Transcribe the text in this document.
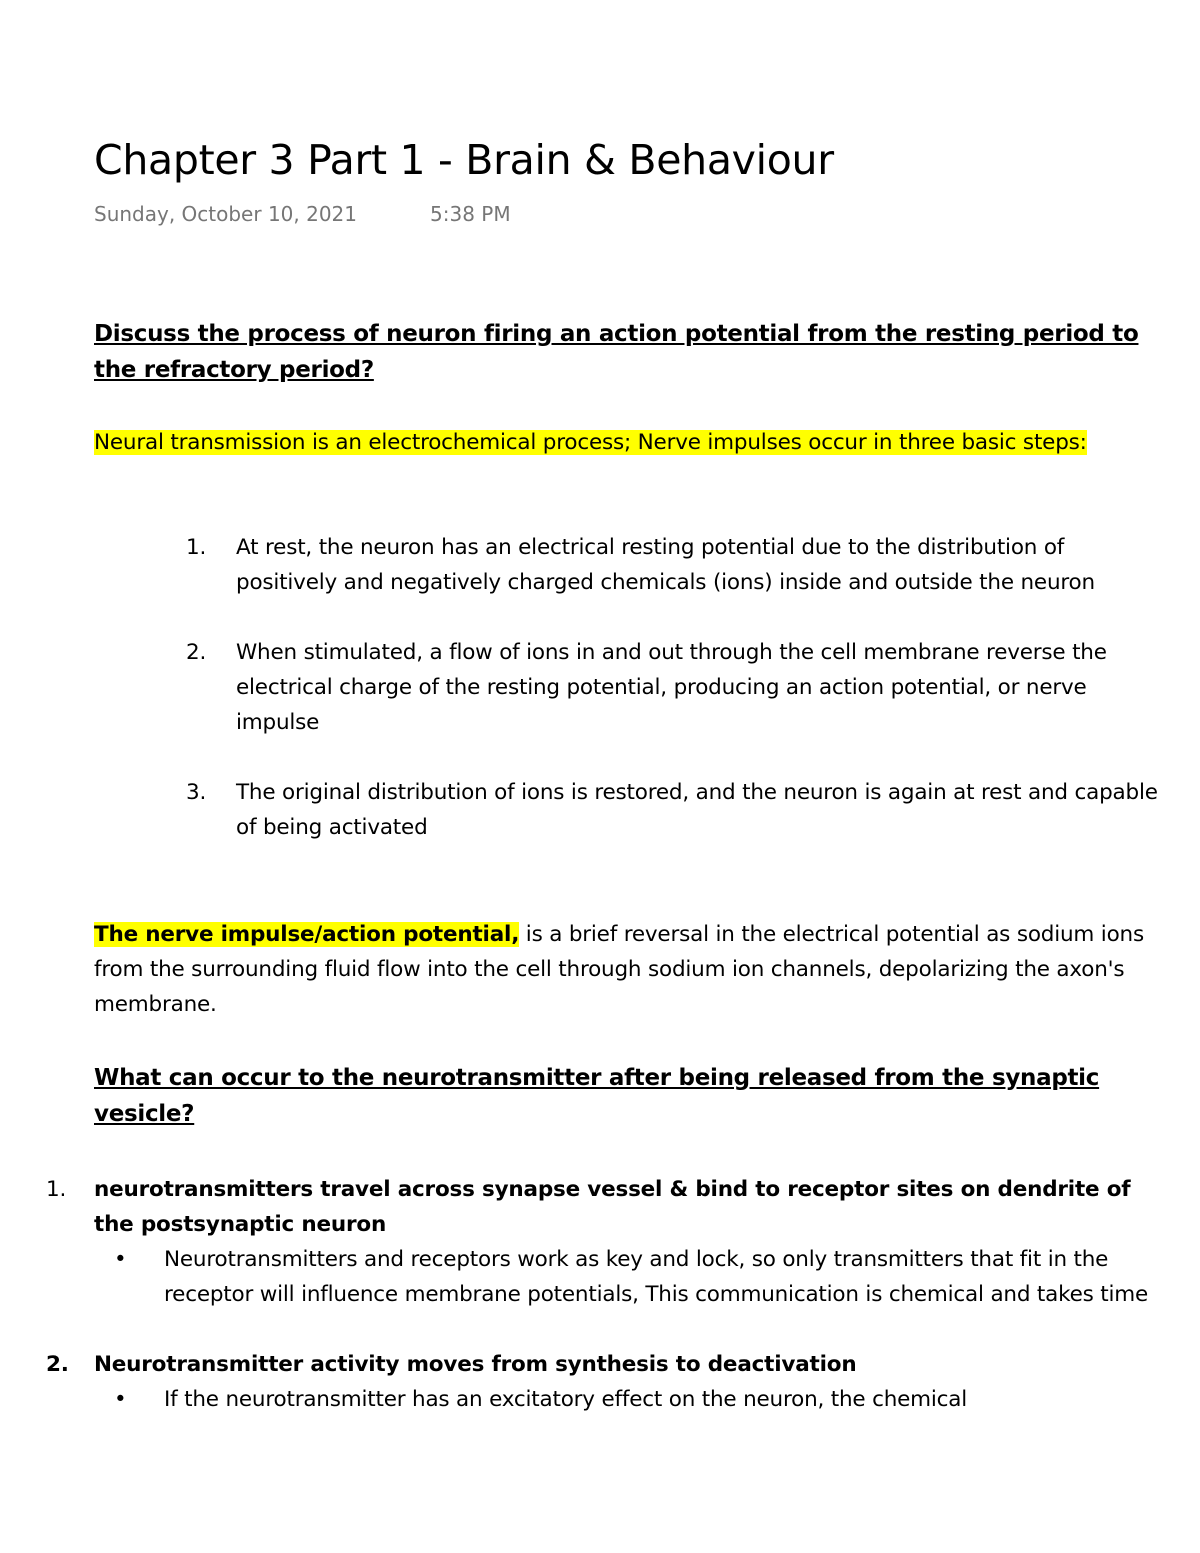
Chapter 3 Part 1 - Brain & Behaviour
Sunday, October 10, 2021	5:38 PM
Discuss the process of neuron firing an action potential from the resting period to the refractory period?
Neural transmission is an electrochemical process; Nerve impulses occur in three basic steps:
1. At rest, the neuron has an electrical resting potential due to the distribution of positively and negatively charged chemicals (ions) inside and outside the neuron
2. When stimulated, a flow of ions in and out through the cell membrane reverse the electrical charge of the resting potential, producing an action potential, or nerve impulse
3. The original distribution of ions is restored, and the neuron is again at rest and capable of being activated
The nerve impulse/action potential, is a brief reversal in the electrical potential as sodium ions from the surrounding fluid flow into the cell through sodium ion channels, depolarizing the axon's membrane.
What can occur to the neurotransmitter after being released from the synaptic vesicle?
1. neurotransmitters travel across synapse vessel & bind to receptor sites on dendrite of the postsynaptic neuron
• Neurotransmitters and receptors work as key and lock, so only transmitters that fit in the receptor will influence membrane potentials, This communication is chemical and takes time
2. Neurotransmitter activity moves from synthesis to deactivation
• If the neurotransmitter has an excitatory effect on the neuron, the chemical
